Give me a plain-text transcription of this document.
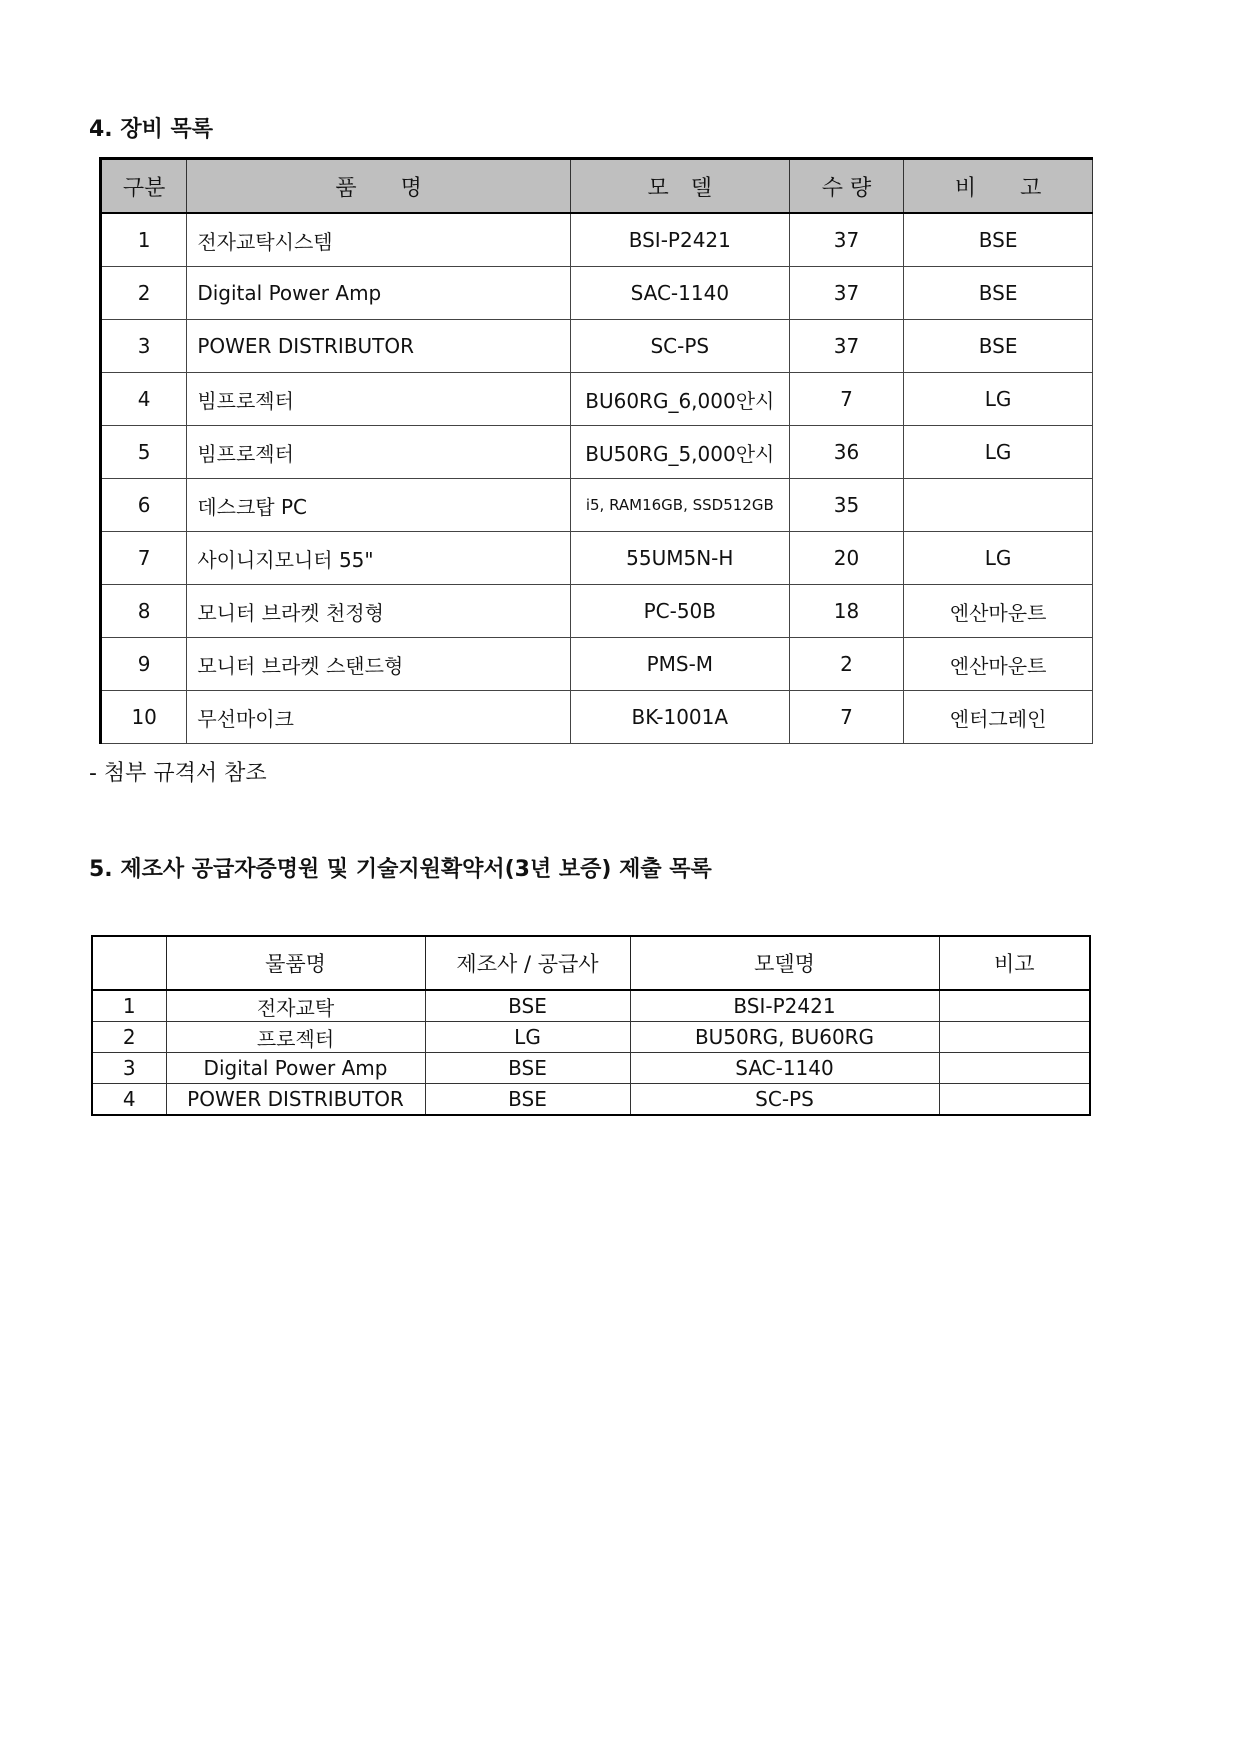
4. 장비 목록
구분	품　　명	모　델	수 량	비　　고
1	전자교탁시스템	BSI-P2421	37	BSE
2	Digital Power Amp	SAC-1140	37	BSE
3	POWER DISTRIBUTOR	SC-PS	37	BSE
4	빔프로젝터	BU60RG_6,000안시	7	LG
5	빔프로젝터	BU50RG_5,000안시	36	LG
6	데스크탑 PC	i5, RAM16GB, SSD512GB	35	
7	사이니지모니터 55"	55UM5N-H	20	LG
8	모니터 브라켓 천정형	PC-50B	18	엔산마운트
9	모니터 브라켓 스탠드형	PMS-M	2	엔산마운트
10	무선마이크	BK-1001A	7	엔터그레인
- 첨부 규격서 참조
5. 제조사 공급자증명원 및 기술지원확약서(3년 보증) 제출 목록
	물품명	제조사 / 공급사	모델명	비고
1	전자교탁	BSE	BSI-P2421	
2	프로젝터	LG	BU50RG, BU60RG	
3	Digital Power Amp	BSE	SAC-1140	
4	POWER DISTRIBUTOR	BSE	SC-PS	
